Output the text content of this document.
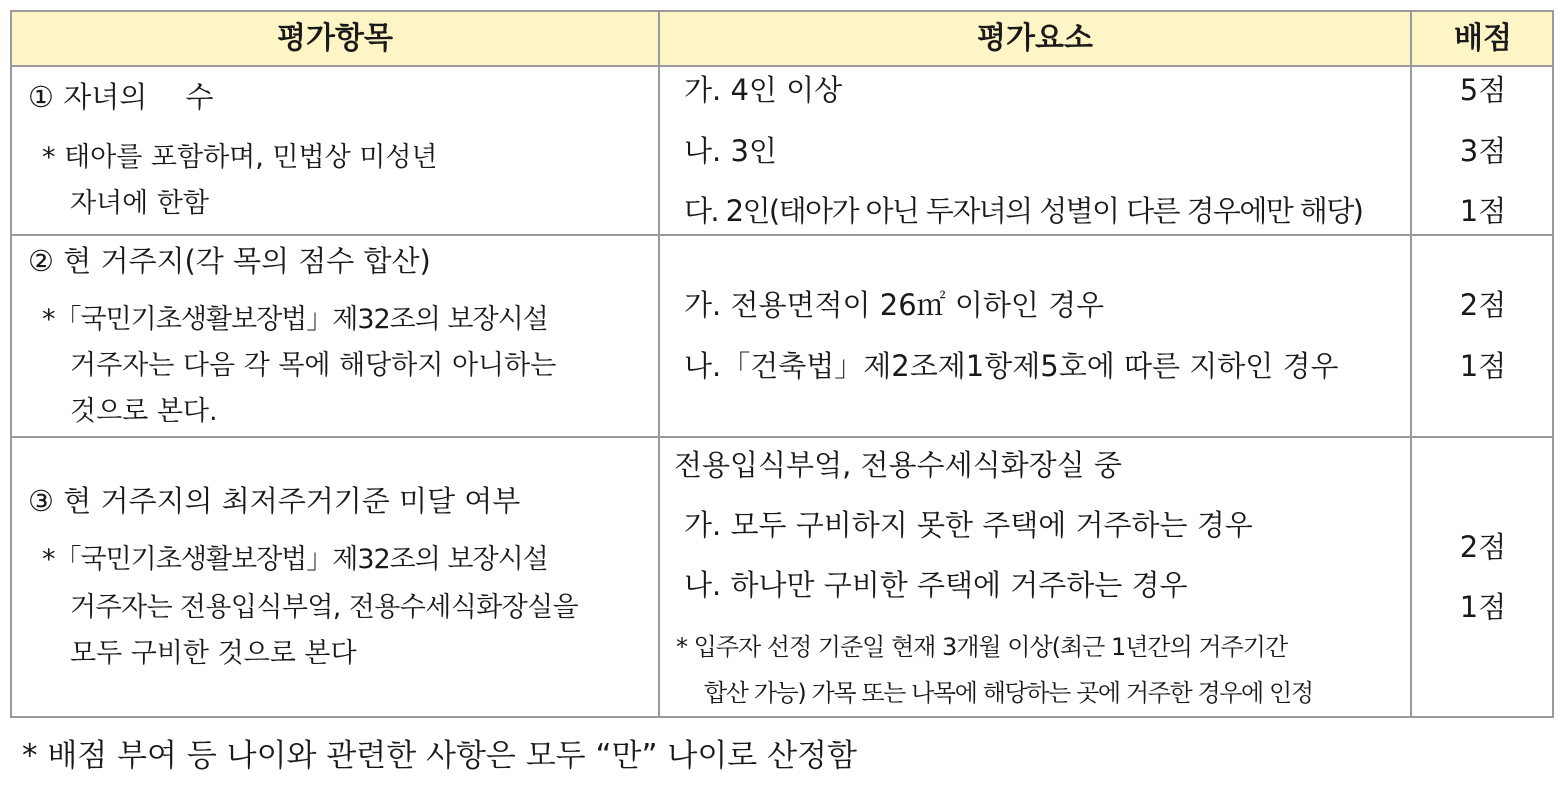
평가항목	평가요소	배점
① 자녀의　 수
* 태아를 포함하며, 민법상 미성년
자녀에 한함
가. 4인 이상
나. 3인
다. 2인(태아가 아닌 두자녀의 성별이 다른 경우에만 해당)
5점
3점
1점
② 현 거주지(각 목의 점수 합산)
*「국민기초생활보장법」제32조의 보장시설
거주자는 다음 각 목에 해당하지 아니하는
것으로 본다.
가. 전용면적이 26㎡ 이하인 경우
나.「건축법」제2조제1항제5호에 따른 지하인 경우
2점
1점
③ 현 거주지의 최저주거기준 미달 여부
*「국민기초생활보장법」제32조의 보장시설
거주자는 전용입식부엌, 전용수세식화장실을
모두 구비한 것으로 본다
전용입식부엌, 전용수세식화장실 중
가. 모두 구비하지 못한 주택에 거주하는 경우
나. 하나만 구비한 주택에 거주하는 경우
* 입주자 선정 기준일 현재 3개월 이상(최근 1년간의 거주기간
합산 가능) 가목 또는 나목에 해당하는 곳에 거주한 경우에 인정
2점
1점
* 배점 부여 등 나이와 관련한 사항은 모두 “만” 나이로 산정함
